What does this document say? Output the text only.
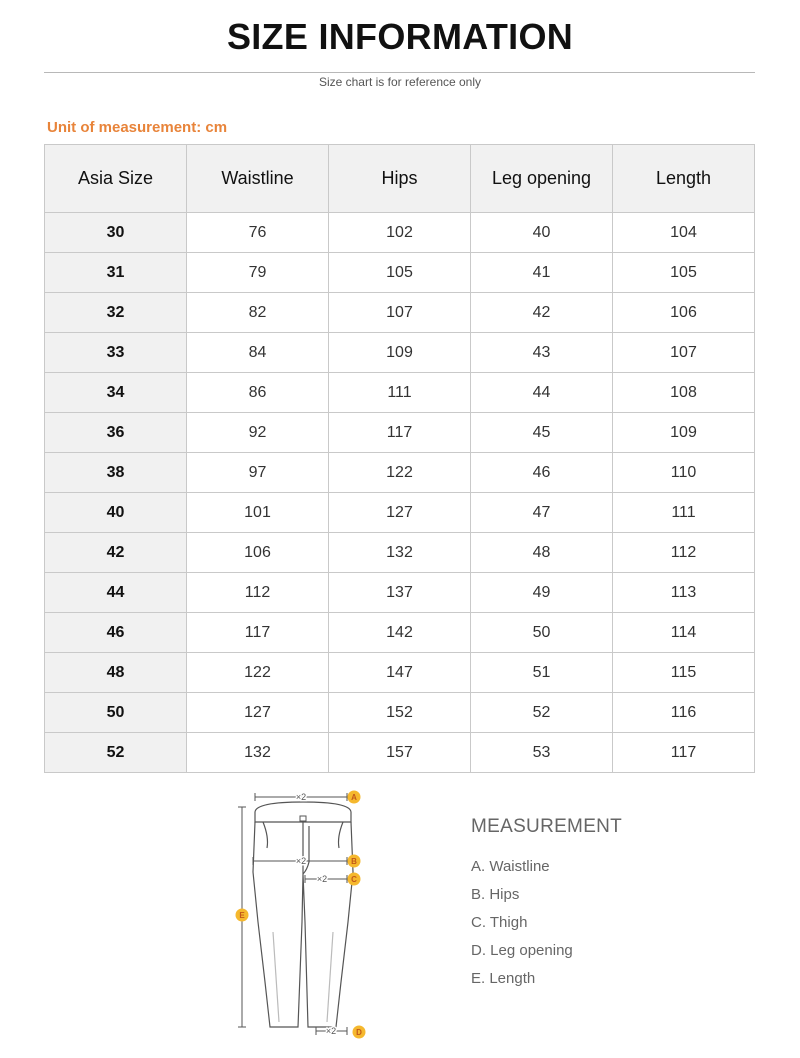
SIZE INFORMATION
Size chart is for reference only
Unit of measurement: cm
Asia Size	Waistline	Hips	Leg opening	Length
30	76	102	40	104
31	79	105	41	105
32	82	107	42	106
33	84	109	43	107
34	86	111	44	108
36	92	117	45	109
38	97	122	46	110
40	101	127	47	111
42	106	132	48	112
44	112	137	49	113
46	117	142	50	114
48	122	147	51	115
50	127	152	52	116
52	132	157	53	117
×2
×2
×2
×2
A
B
C
D
E
MEASUREMENT
A. Waistline
B. Hips
C. Thigh
D. Leg opening
E. Length
